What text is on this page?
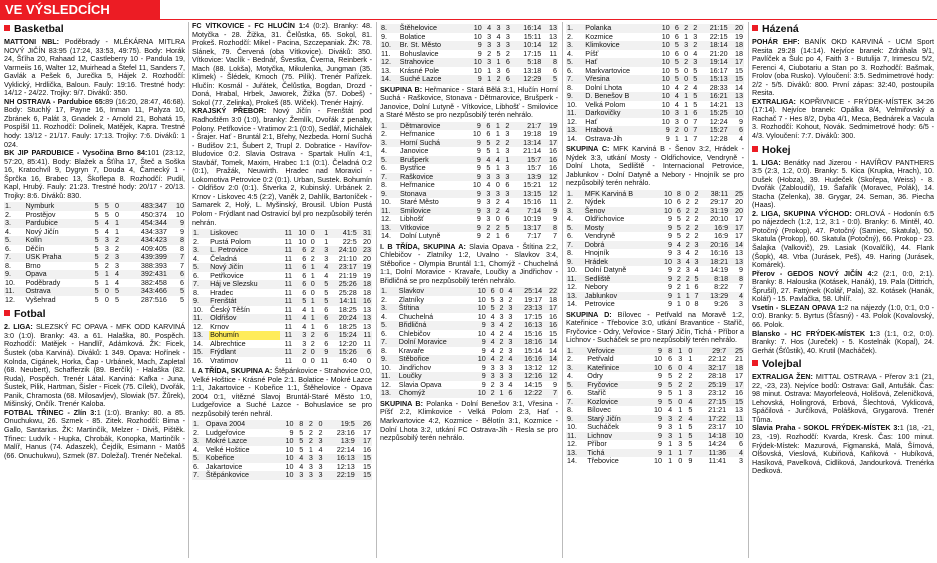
VE VÝSLEDCÍCH
Basketbal

MATTONI NBL: Poděbrady - MLÉKÁRNA MITLRA NOVÝ JIČÍN 83:95 (17:24, 33:53, 49:75). Body: Horák 24, Šťíha 20, Rahaad 12, Castleberry 10 - Pandula 19, Varmeiis 16, Walter 12, Muirhead a Štefel 11, Sanders 7, Gavlák a Pešek 6, Jurečka 5, Hájek 2. Rozhodčí: Vyklický, Hrdlička, Baloun. Fauly: 19:16. Trestné hody: 14/12 - 24/22. Trojky: 9/7. Diváků: 350.

NH OSTRAVA - Pardubice 65:89 (16:20, 28:47, 46:68). Body: Stuchlý 17, Payne 16, Inman 11, Palyza 10, Zbránek 6, Palát 3, Gnadek 2 - Arnold 21, Bohatá 15, Pospíšil 11. Rozhodčí: Dolinek, Matějek, Kapra. Trestné hody: 13/12 - 21/17. Fauly: 17:13. Trojky: 7:6. Diváků: 1 024.

BK JIP PARDUBICE - Vysočina Brno 84:101 (23:12, 57:20, 85:41). Body: Blažek a Šťíha 17, Šteč a Soška 16, Kratochvíl 9, Dygryn 7, Douda 4, Čamecký 1 - Šprčka 16, Brabec 13, Škoflepa 8. Rozhodčí: Pudil, Kapl, Hrubý. Fauly: 21:23. Trestné hody: 20/17 - 20/13. Trojky: 8:6. Diváků: 830.

1.	Nymburk	5	5	0	483:347	10
2.	Prostějov	5	5	0	450:374	10
3.	Pardubice	5	4	1	454:344	9
4.	Nový Jičín	5	4	1	434:337	9
5.	Kolín	5	3	2	434:423	8
6.	Děčín	5	3	2	409:405	8
7.	USK Praha	5	2	3	439:399	7
8.	Brno	5	2	3	388:393	7
9.	Opava	5	1	4	392:431	6
10.	Poděbrady	5	1	4	382:458	6
11.	Ostrava	5	0	5	343:466	5
12.	Vyšehrad	5	0	5	287:516	5
Fotbal

2. LIGA: SLEZSKÝ FC OPAVA - MFK ODD KARVINÁ 3:0 (1:0). Branky: 43. a 61. Halaška, 80. Pospěch. Rozhodčí: Matějek - Handlíř, Adámková. ŽK: Ficek, Šustek (oba Karviná). Diváků: 1 349. Opava: Hořínek - Kolnda, Cigánek, Horka, Čap - Urbánek, Mach, Zapletal (68. Neubert), Schafferzik (89. Berčík) - Halaška (82. Ruda), Pospěch. Trenér Látal. Karviná: Kafka - Juna, Šustek, Pilik, Hartman, Šisler - Ficek (75. Cílek), Dvořák, Panik, Chramosta (68. Milosavljev), Slowiak (57. Žůrek), Mišinský, Ončík. Trenér Kaloba.

FOTBAL TŘINEC - Zlín 3:1 (1:0). Branky: 80. a 85. Onuchukwu, 26. Szmek - 85. Zitek. Rozhodčí: Bima - Gallo, Santarius. ŽK: Martinčík, Melzer - Diviš, Pištěk. Třinec: Ludvík - Hupka, Chrobák, Konopka, Martinčík - Malíř, Hanus (74. Adaszek), Čejdík, Esimann - Matôš (66. Onuchukwu), Szmek (87. Doležal). Trenér Nečekal.

FC VÍTKOVICE - FC HLUČÍN 1:4 (0:2). Branky: 48. Motyčka - 28. Žižka, 31. Čelůstka, 65. Sokol, 81. Prokeš. Rozhodčí: Mikel - Pacina, Szczepaniak. ŽK: 78. Slánek, 79. Červená (oba Vítkovice). Diváků: 350. Vítkovice: Vaclík - Bednář, Švestka, Čverna, Reinberk - Mach (88. Lokša), Motyčka, Mikulenka, Jungman (35. Klimek) - Šlédek, Kmoch (75. Pilík). Trenér Pařízek. Hlučín: Kosmál - Juřátek, Čelůstka, Bogdan, Drozd - Doná, Hrabal, Hrbek, Jaworek, Žižka (57. Dobeš) - Sokol (77. Zelinka), Prokeš (85. Wiček). Trenér Hajný.

KRAJSKÝ PŘEBOR: Nový Jičín - Frenštát pod Radhoštěm 3:0 (1:0), branky: Žemlík, Dvořák z penalty, Polony. Petřkovice - Vratimov 2:1 (0:0), Sedlář, Michálek - Šrajer. Hať - Bruntál 2:1, Břehy, Nezbeda. Horní Suchá - Budišov 2:1, Šubert 2, Trupl 2. Dobratice - Havířov-Bludovice 0:2. Slavia Ostrava - Spartak Hulín 4:1, Stavbář, Tomek, Maxim, Hrabec 1:1 (0:1). Čeladná 0:2 (0:1), Pražák, Neuwirth. Hradec nad Moravicí - Lokomotiva Petrovice 0:2 (0:1). Urban, Sustek. Bohumín - Oldřišov 2:0 (0:1). Štverka 2, Kubinský. Urbánek 2. Krnov - Liskovec 4:5 (2:2), Vaněk 2, Dahlík, Bartoníček - Samarek 2, Holý, L. Myšinský, Brousil. Ubíon Pustá Polom - Frýdlant nad Ostravicí byl pro nezpůsobilý terén nehrán.

1.	Liskovec	11	10	0	1	41:5	31
2.	Pustá Polom	11	10	0	1	22:5	20
3.	L. Petrovice	11	6	2	3	24:10	23
4.	Čeladná	11	6	2	3	21:10	20
5.	Nový Jičín	11	6	1	4	23:17	19
6.	Petřkovice	11	6	1	4	21:19	19
7.	Háj ve Slezsku	11	6	0	5	25:26	18
8.	Hradec	11	6	0	5	25:28	18
9.	Frenštát	11	5	1	5	14:11	16
10.	Český Těšín	11	4	1	6	18:25	13
11.	Oldřišov	11	4	1	6	20:24	13
12.	Krnov	11	4	1	6	18:25	13
13.	Bohumín	11	3	2	6	15:24	11
14.	Albrechtice	11	3	2	6	12:20	11
15.	Frýdlant	11	2	0	9	15:26	6
16.	Vratimov	11	0	0	11	6:40	0

I. A TŘÍDA, SKUPINA A: Štěpánkovice - Strahovice 0:0, Velké Hoštice - Krásné Pole 2:1. Bolatice - Mokré Lazce 1:1, Jakartovice - Kobeřice 1:1, Štěhelovice - Opava 2004 0:1, vítězné Slavoj Bruntál-Staré Město 1:0, Ludgeřovice a Suché Lazce - Bohuslavice se pro nezpůsobilý terén nehrál.

1.	Opava 2004	10	8	2	0	19:5	26
2.	Ludgeřovice	9	5	2	2	23:16	17
3.	Mokré Lazce	10	5	2	3	13:9	17
4.	Velké Hoštice	10	5	1	4	22:14	16
5.	Kobeřice	10	4	3	3	16:13	15
6.	Jakartovice	10	4	3	3	12:13	15
7.	Štěpánkovice	10	3	3	3	22:19	15
8.	Štěhelovice	10	4	3	3	16:14	13
9.	Bolatice	10	3	4	3	15:11	13
10.	Br. St. Město	9	3	3	3	10:14	12
11.	Bohuslavice	9	2	5	2	17:15	11
12.	Strahovice	10	3	1	6	5:18	8
13.	Krásné Pole	10	1	3	6	13:18	6
14.	Suché Lazce	9	1	2	6	12:29	5

SKUPINA B: Heřmanice - Stará Bělá 3:1, Hlučín Horní Suchá - Raškovice, Stonava - Dětmarovice, Brušperk - Janovice, Dolní Lutyně - Vítkovice, Libhošť - Smilovice a Staré Město se pro nezpůsobilý terén nehrálo.

1.	Dětmarovice	9	6	1	2	21:7	19
2.	Heřmanice	10	6	1	3	19:18	19
3.	Horní Suchá	9	5	2	2	13:14	17
4.	Janovice	9	5	1	3	21:14	16
5.	Brušperk	9	4	4	1	15:7	16
6.	Bystřice	9	5	1	3	15:7	16
7.	Raškovice	9	3	3	3	13:9	12
8.	Heřmanice	10	4	0	6	15:21	12
9.	Stonava	9	3	3	3	13:15	12
10.	Staré Město	9	3	2	4	15:16	11
11.	Smilovice	9	3	2	4	7:14	9
12.	Libhošť	9	3	0	6	10:19	9
13.	Vítkovice	9	2	2	5	13:17	8
14.	Dolní Lutyně	9	2	1	6	7:17	7

I. B TŘÍDA, SKUPINA A: Slavia Opava - Štítina 2:2, Chlebičov - Zlatníky 1:2, Uvalno - Slavkov 3:4, Stěbořice - Olympia Bruntál 1:1, Chomýž - Chuchelná 1:1, Dolní Moravice - Kravaře, Loučky a Jindřichov - Břidličná se pro nezpůsobilý terén nehrálo.

1.	Slavkov	10	6	0	4	25:14	22
2.	Zlatníky	10	5	3	2	19:17	18
3.	Štítina	10	5	2	3	23:13	17
4.	Chuchelná	10	4	3	3	17:15	16
5.	Břidličná	9	3	4	2	16:13	16
6.	Chlebičov	10	4	2	4	15:16	15
7.	Dolní Moravice	9	4	2	3	18:16	14
8.	Kravaře	9	4	2	3	15:14	14
9.	Stěbořice	10	4	2	4	16:16	14
10.	Jindřichov	9	3	3	3	13:12	12
11.	Loučky	9	3	3	3	12:16	12
12.	Slavia Opava	9	2	3	4	14:15	9
13.	Chomýž	10	2	1	6	12:22	7

SKUPINA B: Polanka - Dolní Benešov 3:1, Vřesina - Píšť 2:2, Klimkovice - Velká Polom 2:3, Hať - Markvartovice 4:2, Kozmice - Bělotín 3:1, Kozmice - Dolní Lhota 3:2, utkání FC Ostrava-Jih - Resla se pro nezpůsobilý terén nehrálo.

1.	Polanka	10	6	2	2	21:15	20
2.	Kozmice	10	6	1	3	22:15	19
3.	Klimkovice	10	5	3	2	18:14	18
4.	Píšť	10	6	0	4	21:20	18
5.	Hať	10	5	2	3	19:14	17
6.	Markvartovice	10	5	0	5	16:17	15
7.	Vřesina	10	5	0	5	15:13	15
8.	Dolní Lhota	10	4	2	4	28:33	14
9.	D. Benešov B	10	4	1	5	16:21	13
10.	Velká Polom	10	4	1	5	14:21	13
11.	Darkovičky	10	3	1	6	15:25	10
12.	Hať	10	3	0	7	12:24	9
13.	Hrabová	9	2	0	7	15:27	6
14.	Ostrava-Jih	9	1	1	7	12:28	4

SKUPINA C: MFK Karviná B - Šenov 3:2, Hrádek - Nýdek 3:3, utkání Mosty - Oldřichovice, Vendryně - Dolní Lhota, Sedliště - Internacional Petrovice, Jablunkov - Dolní Datyně a Nebory - Hnojník se pro nezpůsobilý terén nehrálo.

1.	MFK Karviná B	10	8	0	2	38:11	25
2.	Nýdek	10	6	2	2	29:17	20
3.	Šenov	10	6	2	2	31:19	20
4.	Oldřichovice	9	5	2	2	20:10	17
5.	Mosty	9	5	2	2	16:9	17
6.	Vendryně	9	5	2	2	16:9	17
7.	Dobrá	9	4	2	3	20:16	14
8.	Hnojník	9	3	4	2	16:16	13
9.	Hrádek	10	3	4	3	18:21	13
10.	Dolní Datyně	9	2	3	4	14:19	9
11.	Sedliště	9	2	2	5	8:18	8
12.	Nebory	9	2	1	6	8:22	7
13.	Jablunkov	9	1	1	7	13:29	4
14.	Petrovice	9	1	0	8	9:26	3

SKUPINA D: Bílovec - Petřvald na Moravě 1:2, Kateřinice - Třebovice 3:0, utkání Bravantice - Staříč, Fryčovice - Odry, Veřovice - Starý Jičín, Tichá - Příbor a Lichnov - Sucháček se pro nezpůsobilý terén nehrálo.

1.	Veřovice	9	8	1	0	29:7	25
2.	Petřvald	10	6	3	1	22:12	21
3.	Kateřinice	10	6	0	4	32:17	18
4.	Odry	9	5	2	2	28:18	17
5.	Fryčovice	9	5	2	2	25:19	17
6.	Staříč	9	5	1	3	23:12	16
7.	Kozlovice	9	5	0	4	27:15	15
8.	Bílovec	10	4	1	5	21:21	13
9.	Starý Jičín	9	3	2	4	17:22	11
10.	Sucháček	9	3	1	5	23:17	10
11.	Lichnov	9	3	1	5	14:18	10
12.	Příbor	9	1	3	5	14:24	6
13.	Tichá	9	1	1	7	11:36	4
14.	Třebovice	10	1	0	9	11:41	3
Házená

POHÁR EHF: BANÍK OKD KARVINÁ - UCM Sport Resita 29:28 (14:14). Nejvíce branek: Zdráhala 9/1, Pavlíček a Šulc po 4, Faith 3 - Butulija 7, Irimescu 5/2, Ferenci 4, Ciubotariu a Stan po 3. Rozhodčí: Bašmak, Frolov (oba Rusko). Vyloučení: 3:5. Sedmimetrové hody: 2/2 - 5/5. Diváků: 800. První zápas: 32:40, postoupila Resita.

EXTRALIGA: KOPŘIVNICE - FRÝDEK-MÍSTEK 34:26 (17:14). Nejvíce branek: Opálka 8/4, Velmiřovský a Rachač 7 - Hes 8/2, Dyba 4/1, Meca, Bednárek a Vacula 3. Rozhodčí: Kohout, Novák. Sedmimetrové hody: 6/5 - 4/3. Vyloučení: 7:7. Diváků: 300.

Hokej

1. LIGA: Benátky nad Jizerou - HAVÍŘOV PANTHERS 3:5 (2:3, 1:2, 0:0). Branky: 5. Kica (Krupka, Hrach), 10. Dušek (Hobza), 39. Hudeček (Skořepa, Weiss) - 8. Dvořák (Zabloudil), 19. Šafařík (Moravec, Polák), 14. Stacha (Zelenka), 38. Grygar, 24. Seman, 36. Piecha (Haas).

2. LIGA, SKUPINA VÝCHOD: ORLOVÁ - Hodonín 6:5 po nájezdech (1:2, 1:2, 3:1 - 0:0). Branky: 6. Mintěl, 40. Potočný (Prokop), 47. Potočný (Samiec, Skatula), 50. Skatula (Prokop), 60. Skatula (Potočný), 66. Prokop - 23. Šalajka (Valkovič), 29. Lasiak (Kovalčík), 44. Flank (Šopk), 48. Vrba (Jurásek, Peš), 49. Haring (Jurásek, Komárek).

Přerov - GEDOS NOVÝ JIČÍN 4:2 (2:1, 0:0, 2:1). Branky: 8. Halouska (Kotásek, Hanák), 19. Pala (Dittrich, Šprušil), 27. Fattýnek (Kolář, Pala), 32. Kotásek (Hanák, Kolář) - 15. Pavlačka, 58. Uhlíř.

Vsetín - SLEZAN OPAVA 1:2 na nájezdy (1:0, 0:1, 0:0 - 0:0). Branky: 5. Byrtus (Šťasný) - 43. Polok (Kovalovský, 66. Polok.

Blansko - HC FRÝDEK-MÍSTEK 1:3 (1:1, 0:2, 0:0). Branky: 7. Hos (Jureček) - 5. Kostelnák (Kopal), 24. Gerhát (Šťůstik), 40. Krutil (Macháček).

Volejbal

EXTRALIGA ŽEN: MITTAL OSTRAVA - Přerov 3:1 (21, 22, -23, 23). Nejvíce bodů: Ostrava: Gall, Antušák. Čas: 98 minut. Ostrava: Mayorfeleová, Holišová, Zeleničková, Lehovská, Holingrová, Erbová, Šlechtová, Vyklicová, Spáčilová - Jurčíková, Polášková, Grygarová. Trenér Tůma.

Slavia Praha - SOKOL FRÝDEK-MÍSTEK 3:1 (18, -21, 23, -19). Rozhodčí: Kvarda, Kresk. Čas: 100 minut. Frýdek-Místek: Mazurová, Figmanská, Malá, Šímová, Olšovská, Vieslová, Kubiňová, Kaňková - Hubíková, Hasíková, Pavelková, Cidliková, Jandourková. Trenérka Dedková.
